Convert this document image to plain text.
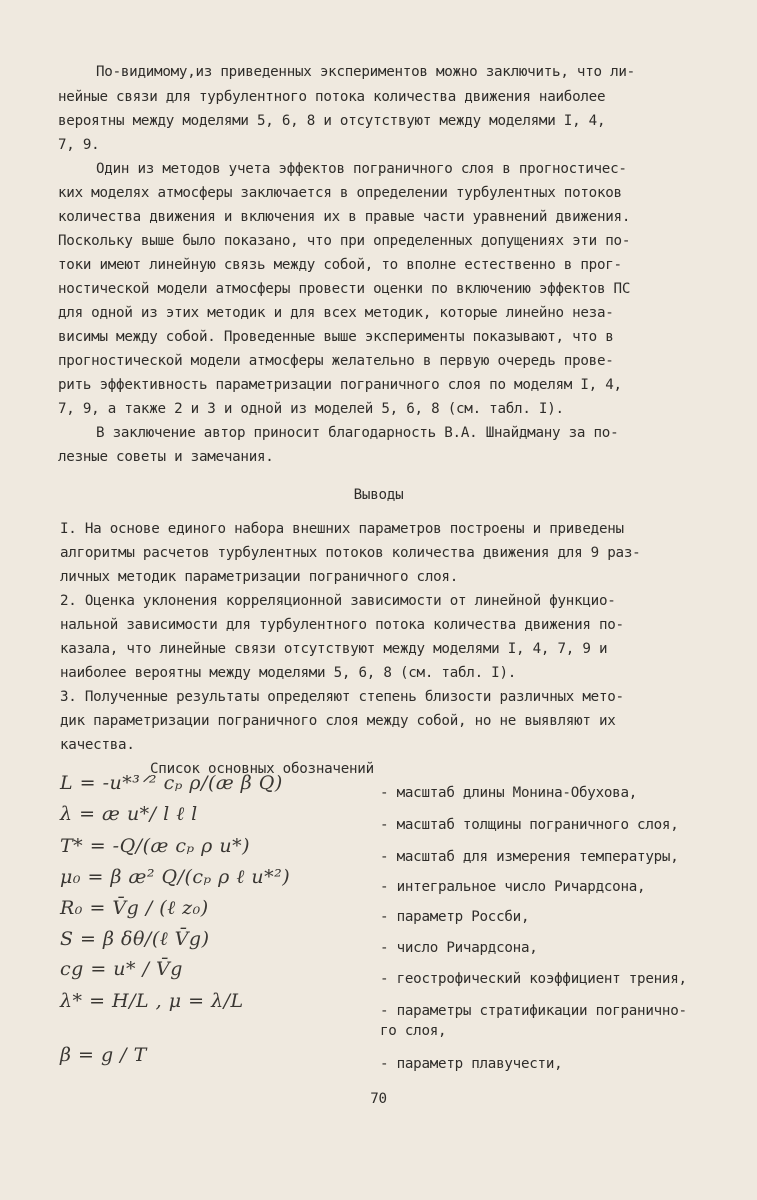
По-видимому,из приведенных экспериментов можно заключить, что ли-
нейные связи для турбулентного потока количества движения наиболее
вероятны между моделями 5, 6, 8 и отсутствуют между моделями I, 4,
7, 9.
Один из методов учета эффектов пограничного слоя в прогностичес-
ких моделях атмосферы заключается в определении турбулентных потоков
количества движения и включения их в правые части уравнений движения.
Поскольку выше было показано, что при определенных допущениях эти по-
токи имеют линейную связь между собой, то вполне естественно в прог-
ностической модели атмосферы провести оценки по включению эффектов ПС
для одной из этих методик и для всех методик, которые линейно неза-
висимы между собой. Проведенные выше эксперименты показывают, что в
прогностической модели атмосферы желательно в первую очередь прове-
рить эффективность параметризации пограничного слоя по моделям I, 4,
7, 9, а также 2 и 3 и одной из моделей 5, 6, 8 (см. табл. I).
В заключение автор приносит благодарность В.А. Шнайдману за по-
лезные советы и замечания.
Выводы
I. На основе единого набора внешних параметров построены и приведены
алгоритмы расчетов турбулентных потоков количества движения для 9 раз-
личных методик параметризации пограничного слоя.
2. Оценка уклонения корреляционной зависимости от линейной функцио-
нальной зависимости для турбулентного потока количества движения по-
казала, что линейные связи отсутствуют между моделями I, 4, 7, 9 и
наиболее вероятны между моделями 5, 6, 8 (см. табл. I).
3. Полученные результаты определяют степень близости различных мето-
дик параметризации пограничного слоя между собой, но не выявляют их
качества.
Список основных обозначений
L = -u*³ᐟ² cₚ ρ/(æ β Q)	- масштаб длины Монина-Обухова,
λ = æ u*/ l ℓ l	- масштаб толщины пограничного слоя,
T* = -Q/(æ cₚ ρ u*)	- масштаб для измерения температуры,
μ₀ = β æ² Q/(cₚ ρ ℓ u*²)	- интегральное число Ричардсона,
R₀ = V̄g / (ℓ z₀)	- параметр Россби,
S = β δθ/(ℓ V̄g)	- число Ричардсона,
cg = u* / V̄g	- геострофический коэффициент трения,
λ* = H/L , μ = λ/L	- параметры стратификации погранично-
го слоя,
β = g / T	- параметр плавучести,
70
